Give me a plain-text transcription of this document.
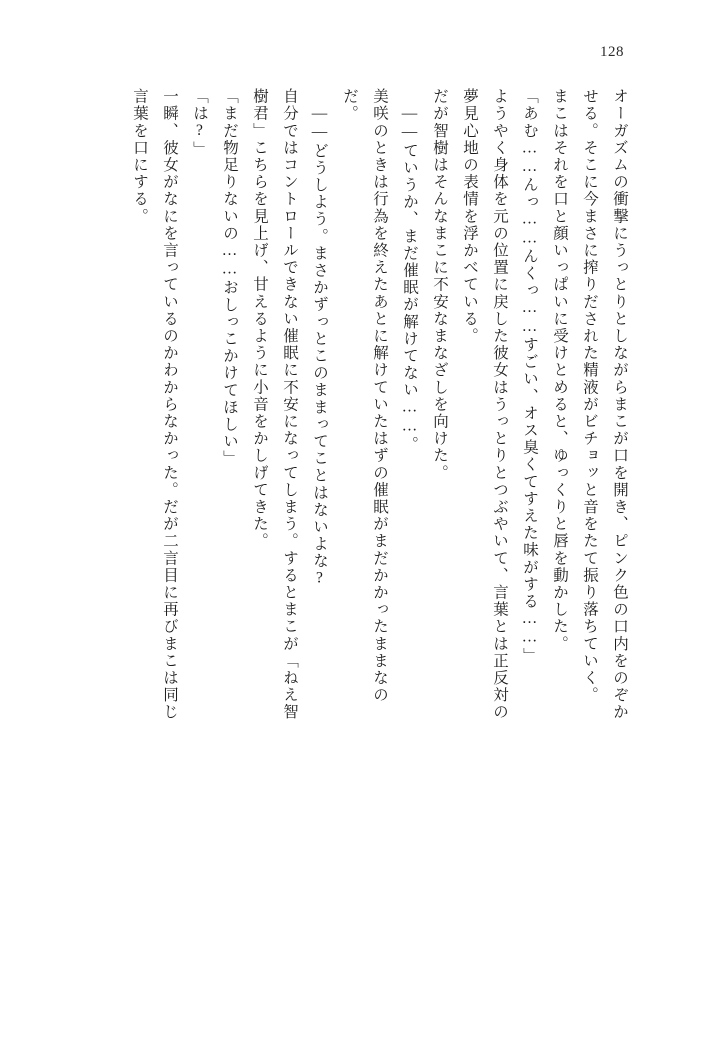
128
オーガズムの衝撃にうっとりとしながらまこが口を開き、ピンク色の口内をのぞか
せる。そこに今まさに搾りだされた精液がビチョッと音をたて振り落ちていく。
まこはそれを口と顔いっぱいに受けとめると、ゆっくりと唇を動かした。
「あむ……んっ……んくっ……すごい、オス臭くてすえた味がする……」
ようやく身体を元の位置に戻した彼女はうっとりとつぶやいて、言葉とは正反対の
夢見心地の表情を浮かべている。
だが智樹はそんなまこに不安なまなざしを向けた。
――ていうか、まだ催眠が解けてない……。
美咲のときは行為を終えたあとに解けていたはずの催眠がまだかかったままなの
だ。
――どうしよう。まさかずっとこのままってことはないよな?
自分ではコントロールできない催眠に不安になってしまう。するとまこが「ねえ智
樹君」こちらを見上げ、甘えるように小音をかしげてきた。
「まだ物足りないの……おしっこかけてほしい」
「は?」
一瞬、彼女がなにを言っているのかわからなかった。だが二言目に再びまこは同じ
言葉を口にする。
